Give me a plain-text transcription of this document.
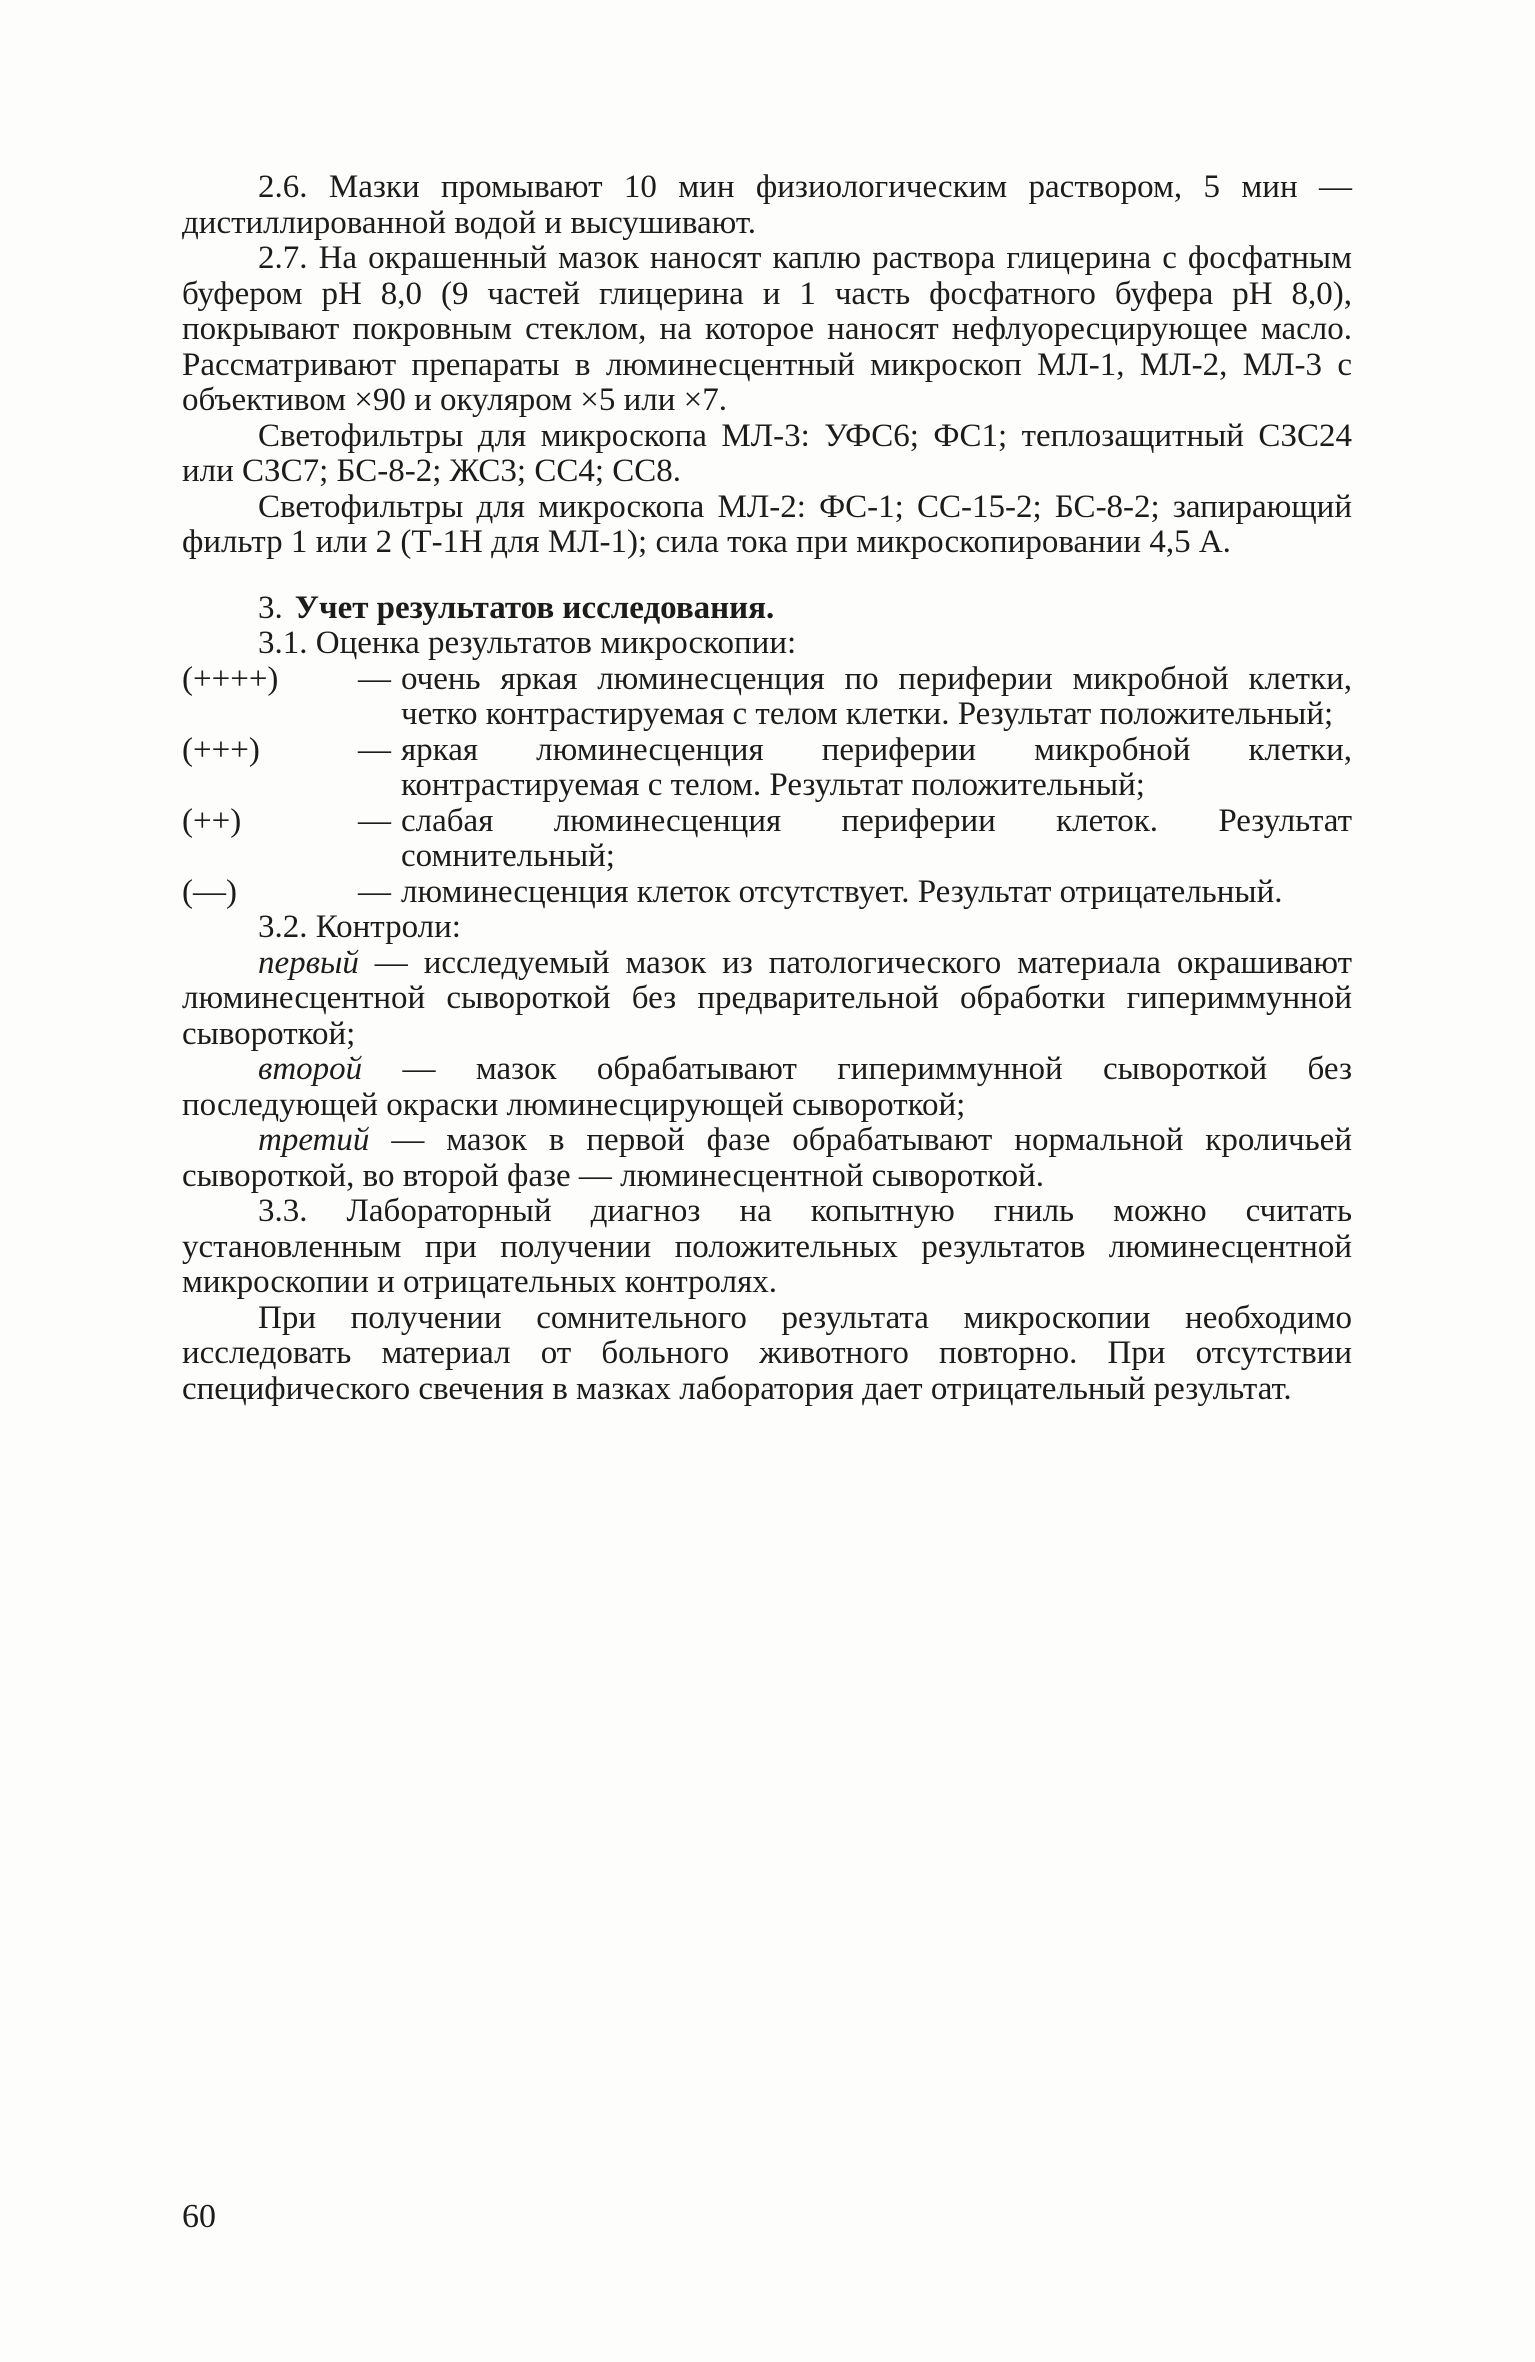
2.6. Мазки промывают 10 мин физиологическим раствором, 5 мин — дистиллированной водой и высушивают.

2.7. На окрашенный мазок наносят каплю раствора глицерина с фосфатным буфером pH 8,0 (9 частей глицерина и 1 часть фосфатного буфера pH 8,0), покрывают покровным стеклом, на которое наносят нефлуоресцирующее масло. Рассматривают препараты в люминесцентный микроскоп МЛ-1, МЛ-2, МЛ-3 с объективом ×90 и окуляром ×5 или ×7.

Светофильтры для микроскопа МЛ-3: УФС6; ФС1; теплозащитный СЗС24 или СЗС7; БС-8-2; ЖС3; СС4; СС8.

Светофильтры для микроскопа МЛ-2: ФС-1; СС-15-2; БС-8-2; запирающий фильтр 1 или 2 (Т-1Н для МЛ-1); сила тока при микроскопировании 4,5 А.

3. Учет результатов исследования.

3.1. Оценка результатов микроскопии:

(++++)	— очень яркая люминесценция по периферии микробной клетки, четко контрастируемая с телом клетки. Результат положительный;
(+++)	— яркая люминесценция периферии микробной клетки, контрастируемая с телом. Результат положительный;
(++)	— слабая люминесценция периферии клеток. Результат сомнительный;
(—)	— люминесценция клеток отсутствует. Результат отрицательный.

3.2. Контроли:

первый — исследуемый мазок из патологического материала окрашивают люминесцентной сывороткой без предварительной обработки гипериммунной сывороткой;

второй — мазок обрабатывают гипериммунной сывороткой без последующей окраски люминесцирующей сывороткой;

третий — мазок в первой фазе обрабатывают нормальной кроличьей сывороткой, во второй фазе — люминесцентной сывороткой.

3.3. Лабораторный диагноз на копытную гниль можно считать установленным при получении положительных результатов люминесцентной микроскопии и отрицательных контролях.

При получении сомнительного результата микроскопии необходимо исследовать материал от больного животного повторно. При отсутствии специфического свечения в мазках лаборатория дает отрицательный результат.

60
